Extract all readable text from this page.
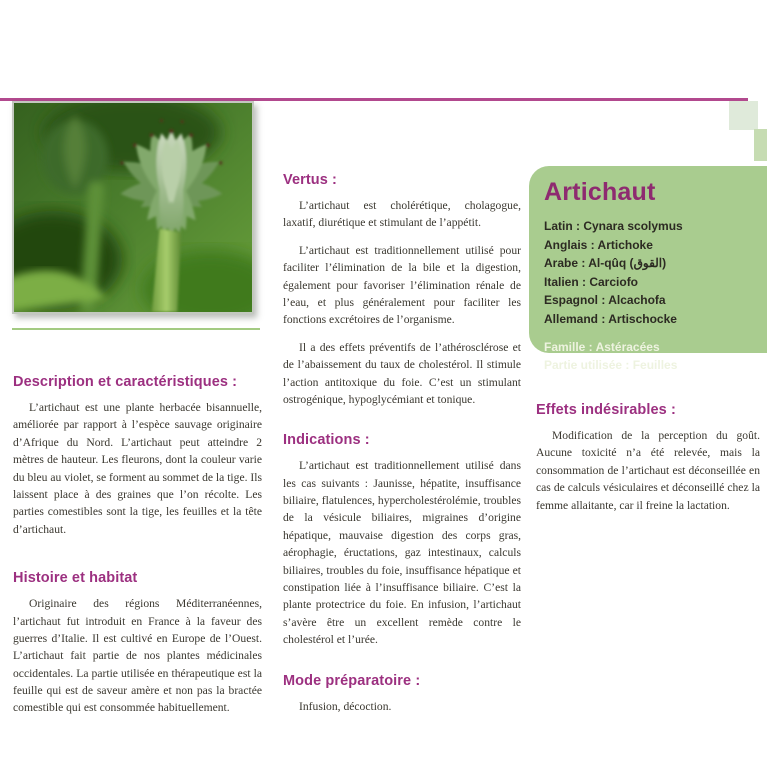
Description et caractéristiques :

L’artichaut est une plante herbacée bisannuelle, améliorée par rapport à l’espèce sauvage originaire d’Afrique du Nord. L’artichaut peut atteindre 2 mètres de hauteur. Les fleurons, dont la couleur varie du bleu au violet, se forment au sommet de la tige. Ils laissent place à des graines que l’on récolte. Les parties comestibles sont la tige, les feuilles et la tête d’artichaut.

Histoire et habitat

Originaire des régions Méditerranéennes, l’artichaut fut introduit en France à la faveur des guerres d’Italie. Il est cultivé en Europe de l’Ouest. L’artichaut fait partie de nos plantes médicinales occidentales. La partie utilisée en thérapeutique est la feuille qui est de saveur amère et non pas la bractée comestible qui est consommée habituellement.

Vertus :

L’artichaut est cholérétique, cholagogue, laxatif, diurétique et stimulant de l’appétit.

L’artichaut est traditionnellement utilisé pour faciliter l’élimination de la bile et la digestion, également pour favoriser l’élimination rénale de l’eau, et plus généralement pour faciliter les fonctions excrétoires de l’organisme.

Il a des effets préventifs de l’athérosclérose et de l’abaissement du taux de cholestérol. Il stimule l’action antitoxique du foie. C’est un stimulant ostrogénique, hypoglycémiant et tonique.

Indications :

L’artichaut est traditionnellement utilisé dans les cas suivants : Jaunisse, hépatite, insuffisance biliaire, flatulences, hypercholestérolémie, troubles de la vésicule biliaires, migraines d’origine hépatique, mauvaise digestion des corps gras, aérophagie, éructations, gaz intestinaux, calculs biliaires, troubles du foie, insuffisance hépatique et constipation liée à l’insuffisance biliaire. C’est la plante protectrice du foie. En infusion, l’artichaut s’avère être un excellent remède contre le cholestérol et l’urée.

Mode préparatoire :

Infusion, décoction.

Artichaut
Latin : Cynara scolymus
Anglais : Artichoke
Arabe : Al-qûq (القوق)
Italien : Carciofo
Espagnol : Alcachofa
Allemand : Artischocke
Famille : Astéracées
Partie utilisée : Feuilles
Effets indésirables :

Modification de la perception du goût. Aucune toxicité n’a été relevée, mais la consommation de l’artichaut est déconseillée en cas de calculs vésiculaires et déconseillé chez la femme allaitante, car il freine la lactation.
